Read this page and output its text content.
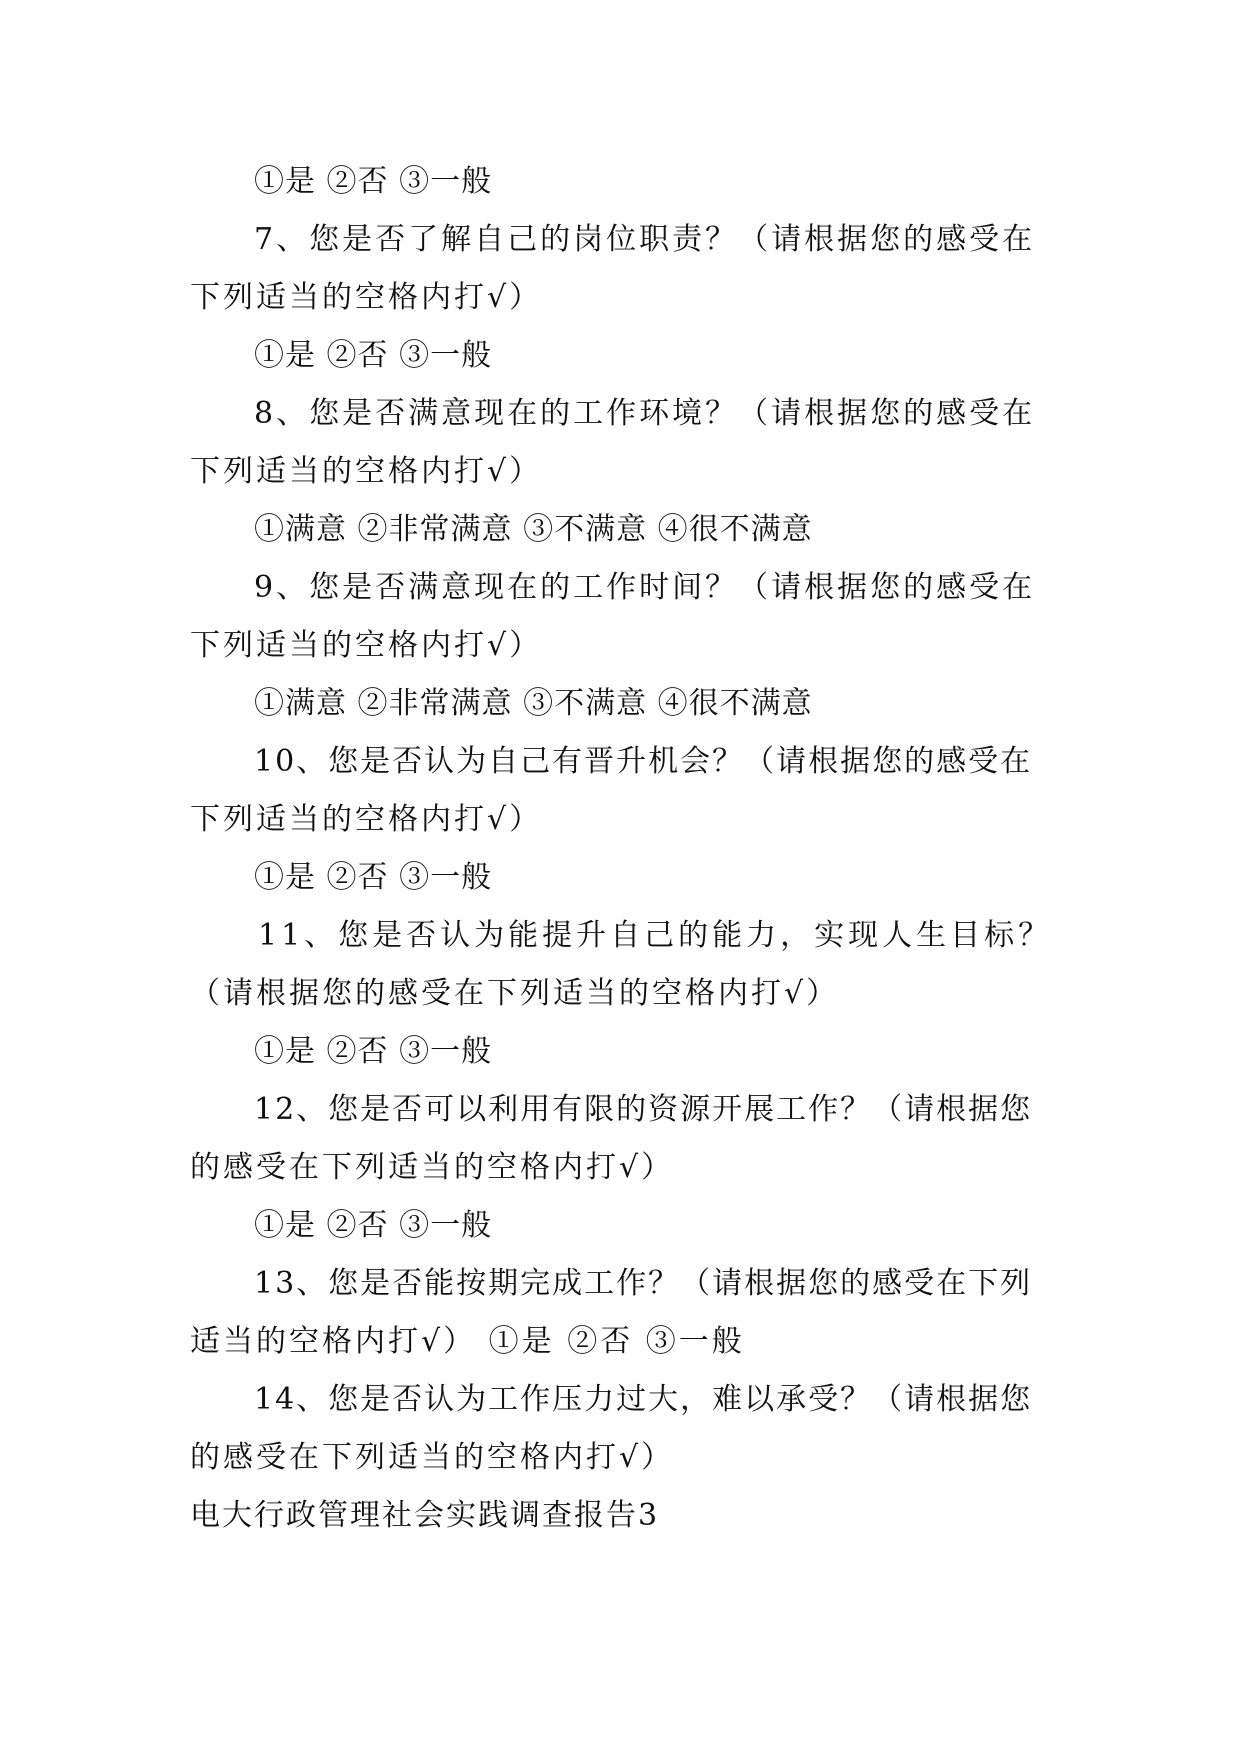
①是 ②否 ③一般
7、您是否了解自己的岗位职责？（请根据您的感受在
下列适当的空格内打√）
①是 ②否 ③一般
8、您是否满意现在的工作环境？（请根据您的感受在
下列适当的空格内打√）
①满意 ②非常满意 ③不满意 ④很不满意
9、您是否满意现在的工作时间？（请根据您的感受在
下列适当的空格内打√）
①满意 ②非常满意 ③不满意 ④很不满意
10、您是否认为自己有晋升机会？（请根据您的感受在
下列适当的空格内打√）
①是 ②否 ③一般
11、您是否认为能提升自己的能力，实现人生目标？
（请根据您的感受在下列适当的空格内打√）
①是 ②否 ③一般
12、您是否可以利用有限的资源开展工作？（请根据您
的感受在下列适当的空格内打√）
①是 ②否 ③一般
13、您是否能按期完成工作？（请根据您的感受在下列
适当的空格内打√） ①是 ②否 ③一般
14、您是否认为工作压力过大，难以承受？（请根据您
的感受在下列适当的空格内打√）
电大行政管理社会实践调查报告3
